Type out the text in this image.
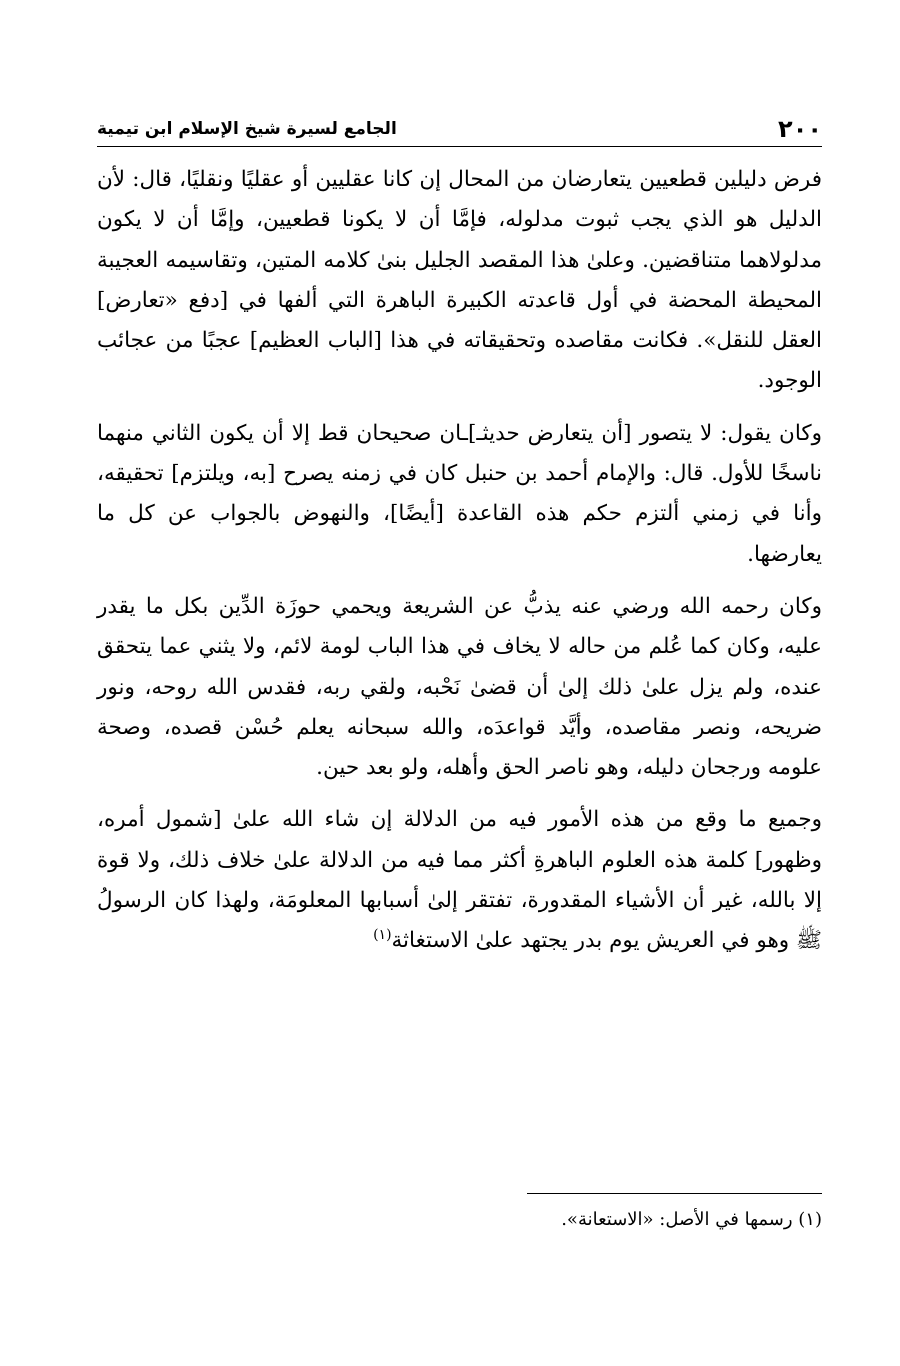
٢٠٠
الجامع لسيرة شيخ الإسلام ابن تيمية

فرض دليلين قطعيين يتعارضان من المحال إن كانا عقليين أو عقليًا ونقليًا، قال: لأن الدليل هو الذي يجب ثبوت مدلوله، فإمَّا أن لا يكونا قطعيين، وإمَّا أن لا يكون مدلولاهما متناقضين. وعلىٰ هذا المقصد الجليل بنىٰ كلامه المتين، وتقاسيمه العجيبة المحيطة المحضة في أول قاعدته الكبيرة الباهرة التي ألفها في [دفع «تعارض] العقل للنقل». فكانت مقاصده وتحقيقاته في هذا [الباب العظيم] عجبًا من عجائب الوجود.

وكان يقول: لا يتصور [أن يتعارض حديثـ]ـان صحيحان قط إلا أن يكون الثاني منهما ناسخًا للأول. قال: والإمام أحمد بن حنبل كان في زمنه يصرح [به، ويلتزم] تحقيقه، وأنا في زمني ألتزم حكم هذه القاعدة [أيضًا]، والنهوض بالجواب عن كل ما يعارضها.

وكان رحمه الله ورضي عنه يذبُّ عن الشريعة ويحمي حوزَة الدِّين بكل ما يقدر عليه، وكان كما عُلم من حاله لا يخاف في هذا الباب لومة لائم، ولا يثني عما يتحقق عنده، ولم يزل علىٰ ذلك إلىٰ أن قضىٰ نَحْبه، ولقي ربه، فقدس الله روحه، ونور ضريحه، ونصر مقاصده، وأيَّد قواعدَه، والله سبحانه يعلم حُسْن قصده، وصحة علومه ورجحان دليله، وهو ناصر الحق وأهله، ولو بعد حين.

وجميع ما وقع من هذه الأمور فيه من الدلالة إن شاء الله علىٰ [شمول أمره، وظهور] كلمة هذه العلوم الباهرةِ أكثر مما فيه من الدلالة علىٰ خلاف ذلك، ولا قوة إلا بالله، غير أن الأشياء المقدورة، تفتقر إلىٰ أسبابها المعلومَة، ولهذا كان الرسولُ ﷺ وهو في العريش يوم بدر يجتهد علىٰ الاستغاثة$^{(١)}$

(١) رسمها في الأصل: «الاستعانة».
